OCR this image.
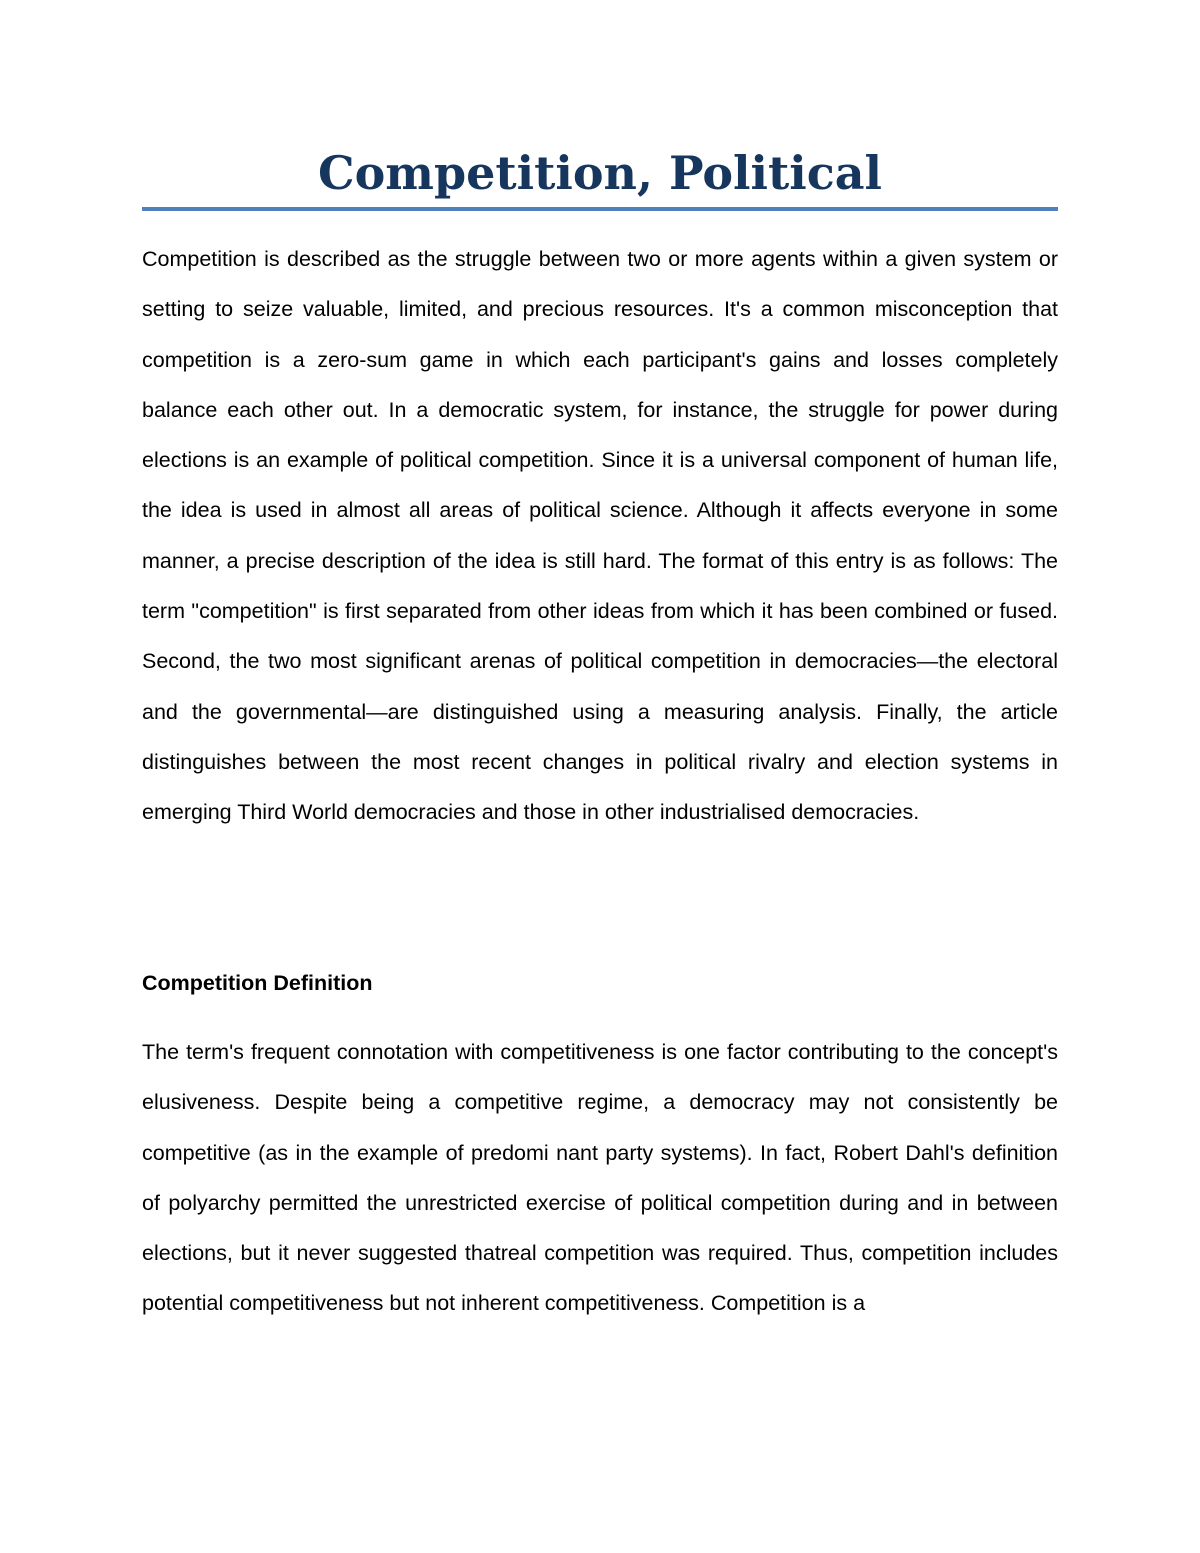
Competition, Political

Competition is described as the struggle between two or more agents within a given system or setting to seize valuable, limited, and precious resources. It's a common misconception that competition is a zero-sum game in which each participant's gains and losses completely balance each other out. In a democratic system, for instance, the struggle for power during elections is an example of political competition. Since it is a universal component of human life, the idea is used in almost all areas of political science. Although it affects everyone in some manner, a precise description of the idea is still hard. The format of this entry is as follows: The term "competition" is first separated from other ideas from which it has been combined or fused. Second, the two most significant arenas of political competition in democracies—the electoral and the governmental—are distinguished using a measuring analysis. Finally, the article distinguishes between the most recent changes in political rivalry and election systems in emerging Third World democracies and those in other industrialised democracies.

Competition Definition

The term's frequent connotation with competitiveness is one factor contributing to the concept's elusiveness. Despite being a competitive regime, a democracy may not consistently be competitive (as in the example of predomi nant party systems). In fact, Robert Dahl's definition of polyarchy permitted the unrestricted exercise of political competition during and in between elections, but it never suggested thatreal competition was required. Thus, competition includes potential competitiveness but not inherent competitiveness. Competition is a
